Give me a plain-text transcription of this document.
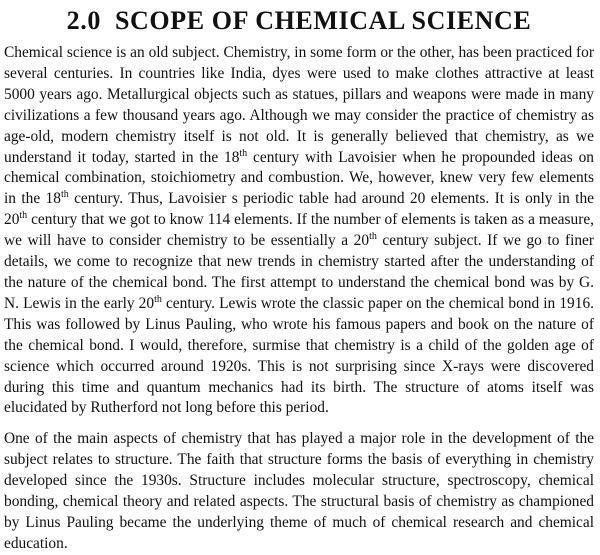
2.0 SCOPE OF CHEMICAL SCIENCE

Chemical science is an old subject. Chemistry, in some form or the other, has been practiced for several centuries. In countries like India, dyes were used to make clothes attractive at least 5000 years ago. Metallurgical objects such as statues, pillars and weapons were made in many civilizations a few thousand years ago. Although we may consider the practice of chemistry as age-old, modern chemistry itself is not old. It is generally believed that chemistry, as we understand it today, started in the 18th century with Lavoisier when he propounded ideas on chemical combination, stoichiometry and combustion. We, however, knew very few elements in the 18th century. Thus, Lavoisier s periodic table had around 20 elements. It is only in the 20th century that we got to know 114 elements. If the number of elements is taken as a measure, we will have to consider chemistry to be essentially a 20th century subject. If we go to finer details, we come to recognize that new trends in chemistry started after the understanding of the nature of the chemical bond. The first attempt to understand the chemical bond was by G. N. Lewis in the early 20th century. Lewis wrote the classic paper on the chemical bond in 1916. This was followed by Linus Pauling, who wrote his famous papers and book on the nature of the chemical bond. I would, therefore, surmise that chemistry is a child of the golden age of science which occurred around 1920s. This is not surprising since X-rays were discovered during this time and quantum mechanics had its birth. The structure of atoms itself was elucidated by Rutherford not long before this period.

One of the main aspects of chemistry that has played a major role in the development of the subject relates to structure. The faith that structure forms the basis of everything in chemistry developed since the 1930s. Structure includes molecular structure, spectroscopy, chemical bonding, chemical theory and related aspects. The structural basis of chemistry as championed by Linus Pauling became the underlying theme of much of chemical research and chemical education.
